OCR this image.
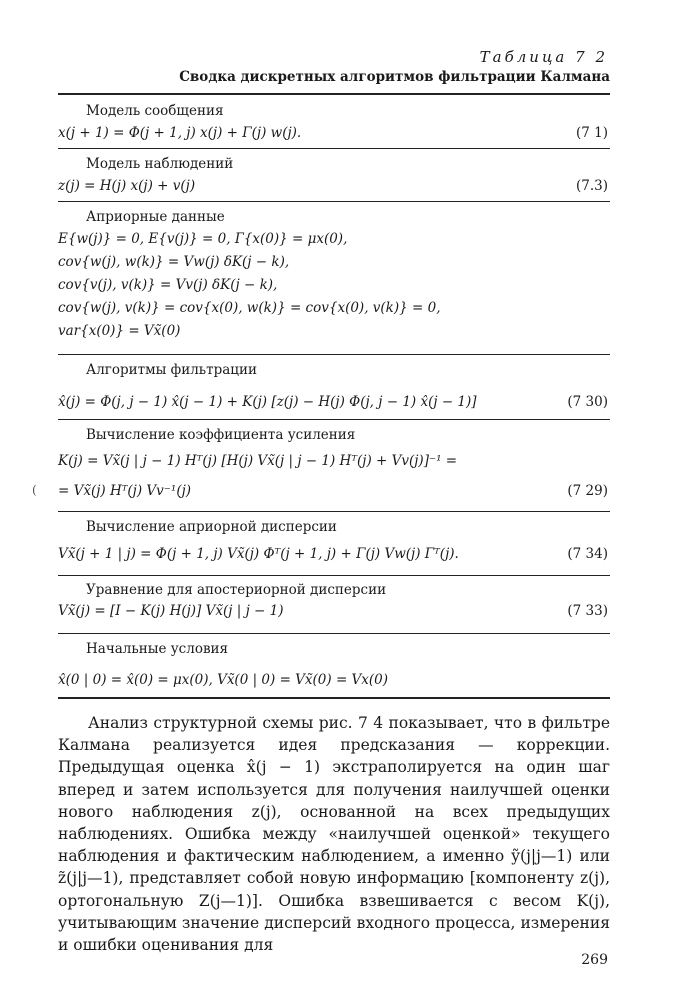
Таблица 7 2
Сводка дискретных алгоритмов фильтрации Калмана
Модель сообщения
x(j + 1) = Φ(j + 1, j) x(j) + Γ(j) w(j).	(7 1)
Модель наблюдений
z(j) = H(j) x(j) + v(j)	(7.3)
Априорные данные
E{w(j)} = 0, E{v(j)} = 0, Г{x(0)} = μx(0),
cov{w(j), w(k)} = Vw(j) δK(j − k),
cov{v(j), v(k)} = Vv(j) δK(j − k),
cov{w(j), v(k)} = cov{x(0), w(k)} = cov{x(0), v(k)} = 0,
var{x(0)} = Vx̃(0)
Алгоритмы фильтрации
x̂(j) = Φ(j, j − 1) x̂(j − 1) + K(j) [z(j) − H(j) Φ(j, j − 1) x̂(j − 1)]	(7 30)
Вычисление коэффициента усиления
K(j) = Vx̃(j | j − 1) Hᵀ(j) [H(j) Vx̃(j | j − 1) Hᵀ(j) + Vv(j)]⁻¹ =
= Vx̃(j) Hᵀ(j) Vv⁻¹(j)	(7 29)
(
Вычисление априорной дисперсии
Vx̃(j + 1 | j) = Φ(j + 1, j) Vx̃(j) Φᵀ(j + 1, j) + Γ(j) Vw(j) Γᵀ(j).	(7 34)
Уравнение для апостериорной дисперсии
Vx̃(j) = [I − K(j) H(j)] Vx̃(j | j − 1)	(7 33)
Начальные условия
x̂(0 | 0) = x̂(0) = μx(0), Vx̃(0 | 0) = Vx̃(0) = Vx(0)
Анализ структурной схемы рис. 7 4 показывает, что в фильтре Калмана реализуется идея предсказания — коррекции. Предыдущая оценка x̂(j − 1) экстраполируется на один шаг вперед и затем используется для получения наилучшей оценки нового наблюдения z(j), основанной на всех предыдущих наблюдениях. Ошибка между «наилучшей оценкой» текущего наблюдения и фактическим наблюдением, а именно ỹ(j|j—1) или z̃(j|j—1), представляет собой новую информацию [компоненту z(j), ортогональную Z(j—1)]. Ошибка взвешивается с весом K(j), учитывающим значение дисперсий входного процесса, измерения и ошибки оценивания для
269
